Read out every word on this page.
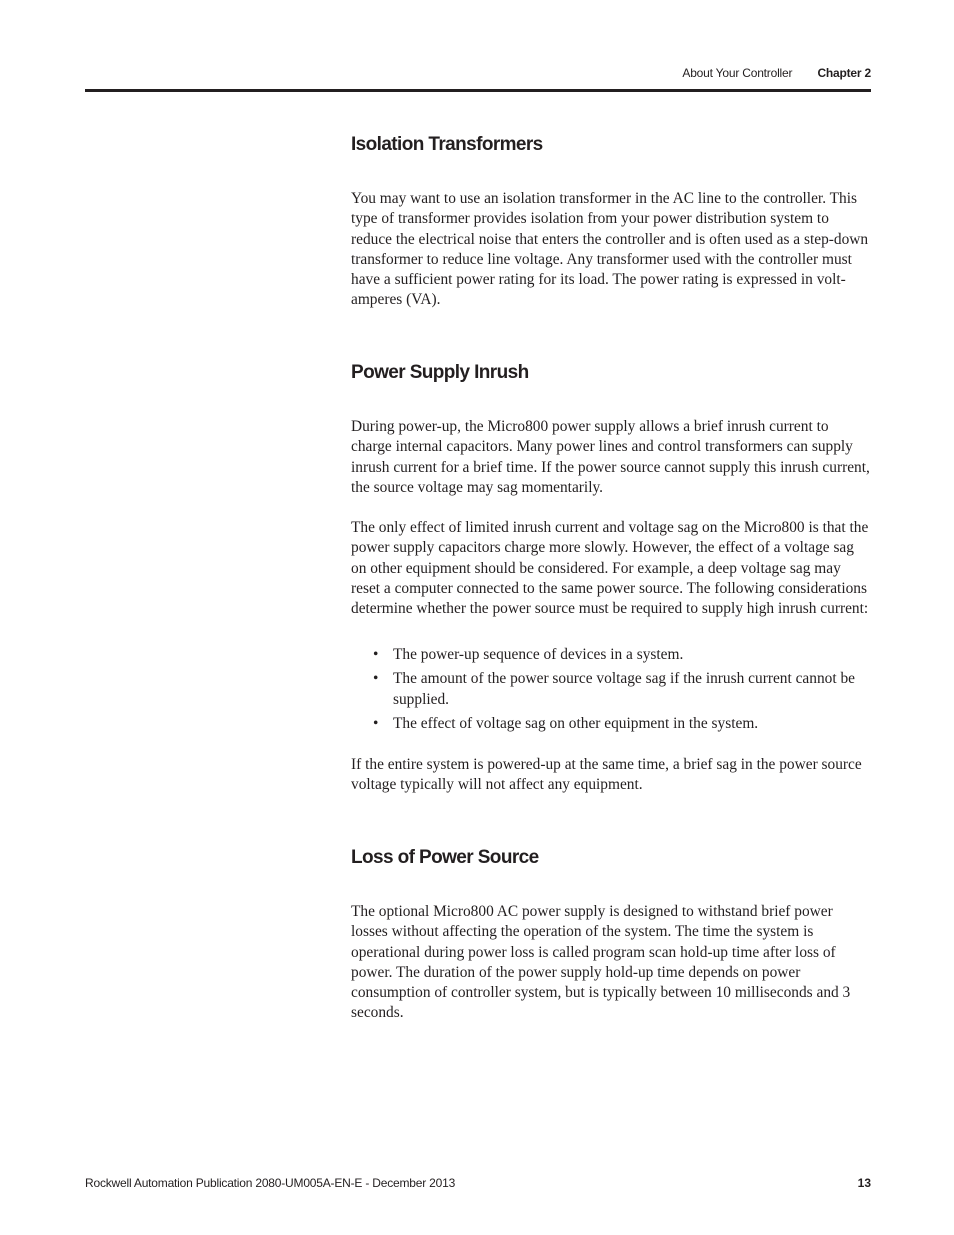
About Your Controller Chapter 2
Isolation Transformers

You may want to use an isolation transformer in the AC line to the controller. This type of transformer provides isolation from your power distribution system to reduce the electrical noise that enters the controller and is often used as a step-down transformer to reduce line voltage. Any transformer used with the controller must have a sufficient power rating for its load. The power rating is expressed in volt-amperes (VA).

Power Supply Inrush

During power-up, the Micro800 power supply allows a brief inrush current to charge internal capacitors. Many power lines and control transformers can supply inrush current for a brief time. If the power source cannot supply this inrush current, the source voltage may sag momentarily.

The only effect of limited inrush current and voltage sag on the Micro800 is that the power supply capacitors charge more slowly. However, the effect of a voltage sag on other equipment should be considered. For example, a deep voltage sag may reset a computer connected to the same power source. The following considerations determine whether the power source must be required to supply high inrush current:

• The power-up sequence of devices in a system.
• The amount of the power source voltage sag if the inrush current cannot be supplied.
• The effect of voltage sag on other equipment in the system.

If the entire system is powered-up at the same time, a brief sag in the power source voltage typically will not affect any equipment.

Loss of Power Source

The optional Micro800 AC power supply is designed to withstand brief power losses without affecting the operation of the system. The time the system is operational during power loss is called program scan hold-up time after loss of power. The duration of the power supply hold-up time depends on power consumption of controller system, but is typically between 10 milliseconds and 3 seconds.

Rockwell Automation Publication 2080-UM005A-EN-E - December 2013	13
